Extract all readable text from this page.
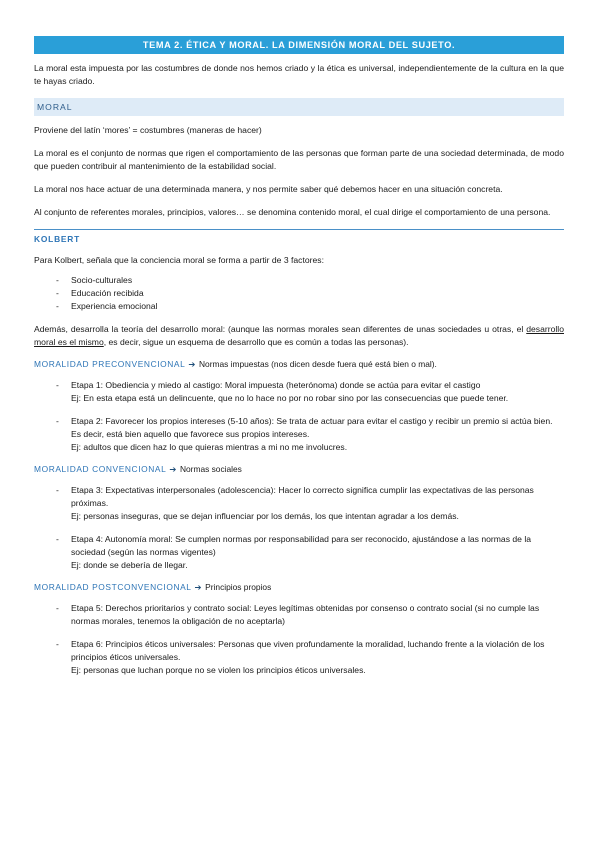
TEMA 2. ÉTICA Y MORAL. LA DIMENSIÓN MORAL DEL SUJETO.

La moral esta impuesta por las costumbres de donde nos hemos criado y la ética es universal, independientemente de la cultura en la que te hayas criado.

MORAL

Proviene del latín ‘mores’ = costumbres (maneras de hacer)

La moral es el conjunto de normas que rigen el comportamiento de las personas que forman parte de una sociedad determinada, de modo que pueden contribuir al mantenimiento de la estabilidad social.

La moral nos hace actuar de una determinada manera, y nos permite saber qué debemos hacer en una situación concreta.

Al conjunto de referentes morales, principios, valores… se denomina contenido moral, el cual dirige el comportamiento de una persona.

KOLBERT

Para Kolbert, señala que la conciencia moral se forma a partir de 3 factores:

- Socio-culturales
- Educación recibida
- Experiencia emocional

Además, desarrolla la teoría del desarrollo moral: (aunque las normas morales sean diferentes de unas sociedades u otras, el desarrollo moral es el mismo, es decir, sigue un esquema de desarrollo que es común a todas las personas).

MORALIDAD PRECONVENCIONAL ➔ Normas impuestas (nos dicen desde fuera qué está bien o mal).
- Etapa 1: Obediencia y miedo al castigo: Moral impuesta (heterónoma) donde se actúa para evitar el castigo
Ej: En esta etapa está un delincuente, que no lo hace no por no robar sino por las consecuencias que puede tener.
- Etapa 2: Favorecer los propios intereses (5-10 años): Se trata de actuar para evitar el castigo y recibir un premio si actúa bien. Es decir, está bien aquello que favorece sus propios intereses.
Ej: adultos que dicen haz lo que quieras mientras a mi no me involucres.
MORALIDAD CONVENCIONAL ➔ Normas sociales
- Etapa 3: Expectativas interpersonales (adolescencia): Hacer lo correcto significa cumplir las expectativas de las personas próximas.
Ej: personas inseguras, que se dejan influenciar por los demás, los que intentan agradar a los demás.
- Etapa 4: Autonomía moral: Se cumplen normas por responsabilidad para ser reconocido, ajustándose a las normas de la sociedad (según las normas vigentes)
Ej: donde se debería de llegar.
MORALIDAD POSTCONVENCIONAL ➔ Principios propios
- Etapa 5: Derechos prioritarios y contrato social: Leyes legítimas obtenidas por consenso o contrato social (si no cumple las normas morales, tenemos la obligación de no aceptarla)
- Etapa 6: Principios éticos universales: Personas que viven profundamente la moralidad, luchando frente a la violación de los principios éticos universales.
Ej: personas que luchan porque no se violen los principios éticos universales.
